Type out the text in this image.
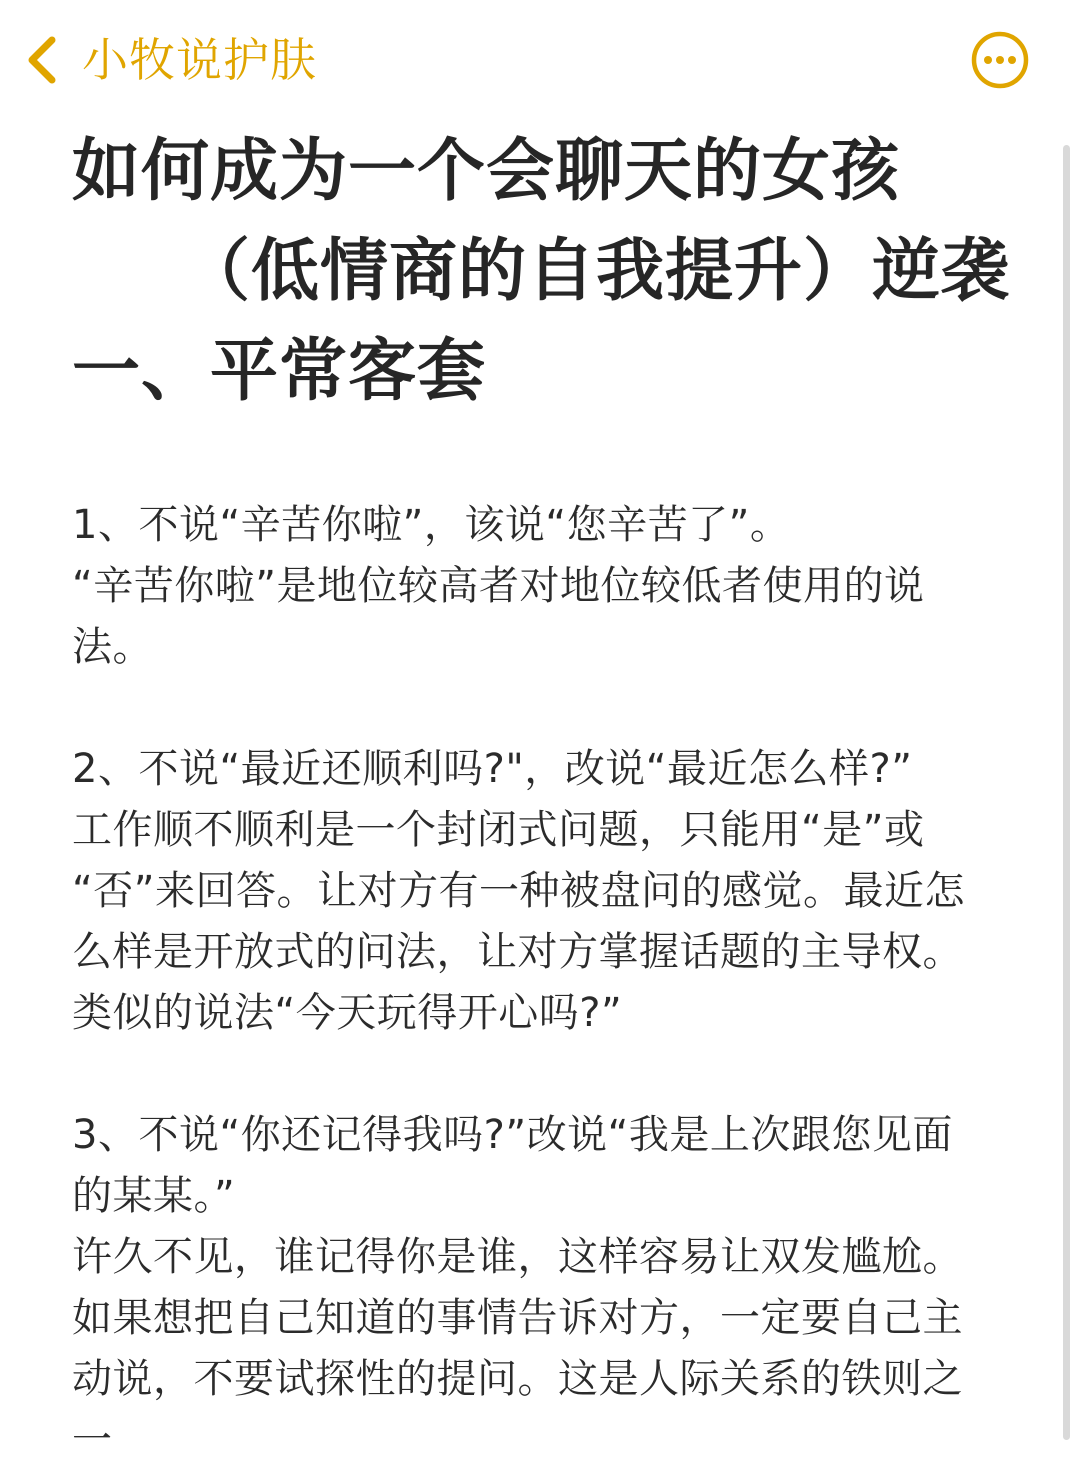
小牧说护肤
如何成为一个会聊天的女孩
（低情商的自我提升）逆袭
一、平常客套
1、不说“辛苦你啦”，该说“您辛苦了”。
“辛苦你啦”是地位较高者对地位较低者使用的说
法。
2、不说“最近还顺利吗?"，改说“最近怎么样?”
工作顺不顺利是一个封闭式问题，只能用“是”或
“否”来回答。让对方有一种被盘问的感觉。最近怎
么样是开放式的问法，让对方掌握话题的主导权。
类似的说法“今天玩得开心吗?”
3、不说“你还记得我吗?”改说“我是上次跟您见面
的某某。”
许久不见，谁记得你是谁，这样容易让双发尴尬。
如果想把自己知道的事情告诉对方，一定要自己主
动说，不要试探性的提问。这是人际关系的铁则之
一
